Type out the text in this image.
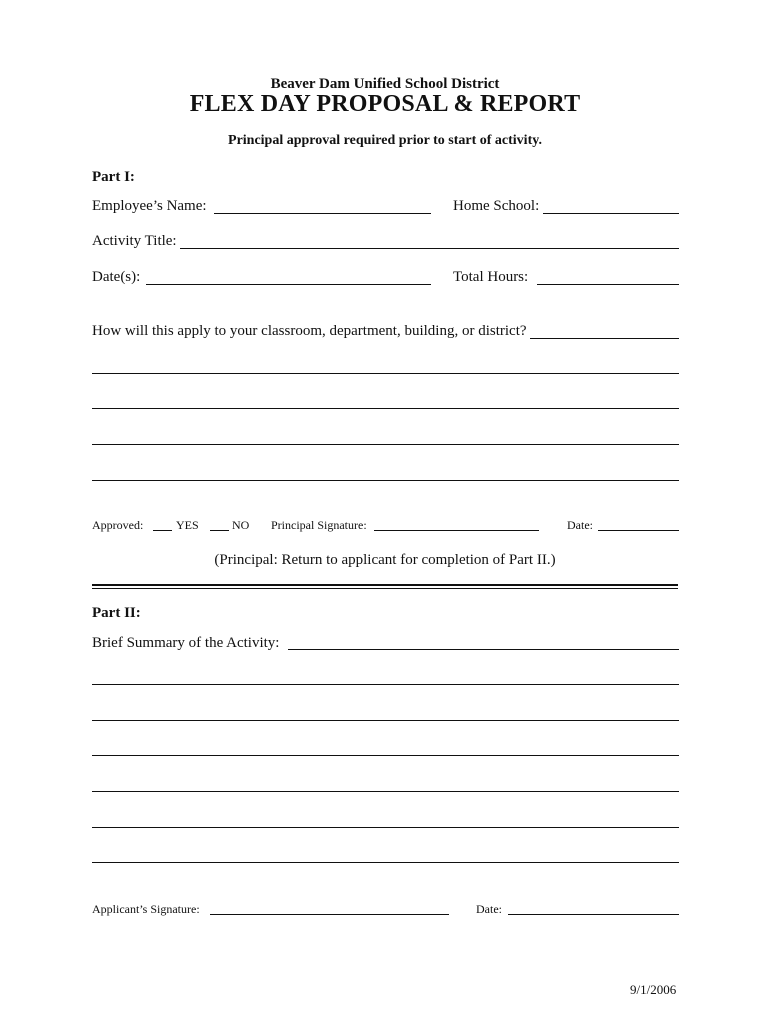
Beaver Dam Unified School District
FLEX DAY PROPOSAL & REPORT
Principal approval required prior to start of activity.
Part I:
Employee’s Name:	Home School:
Activity Title:
Date(s):	Total Hours:
How will this apply to your classroom, department, building, or district?
Approved:	YES	NO Principal Signature:	Date:
(Principal: Return to applicant for completion of Part II.)
Part II:
Brief Summary of the Activity:
Applicant’s Signature:	Date:
9/1/2006
